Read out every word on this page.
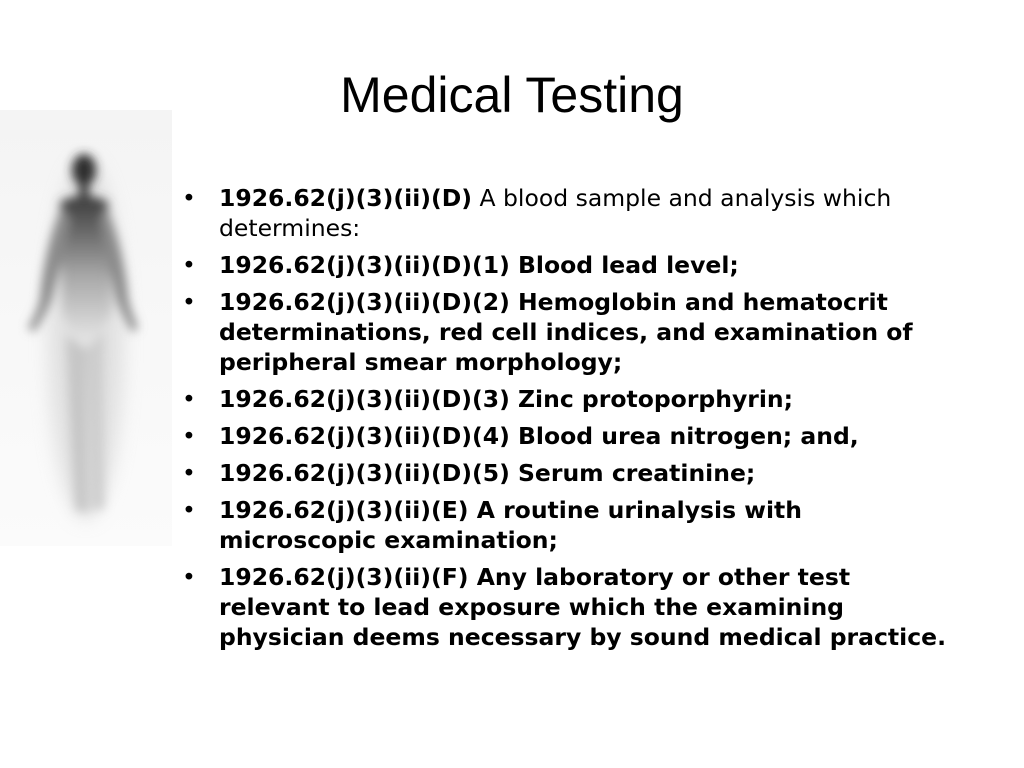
Medical Testing
• 1926.62(j)(3)(ii)(D) A blood sample and analysis which determines:
• 1926.62(j)(3)(ii)(D)(1) Blood lead level;
• 1926.62(j)(3)(ii)(D)(2) Hemoglobin and hematocrit determinations, red cell indices, and examination of peripheral smear morphology;
• 1926.62(j)(3)(ii)(D)(3) Zinc protoporphyrin;
• 1926.62(j)(3)(ii)(D)(4) Blood urea nitrogen; and,
• 1926.62(j)(3)(ii)(D)(5) Serum creatinine;
• 1926.62(j)(3)(ii)(E) A routine urinalysis with microscopic examination;
• 1926.62(j)(3)(ii)(F) Any laboratory or other test relevant to lead exposure which the examining physician deems necessary by sound medical practice.
